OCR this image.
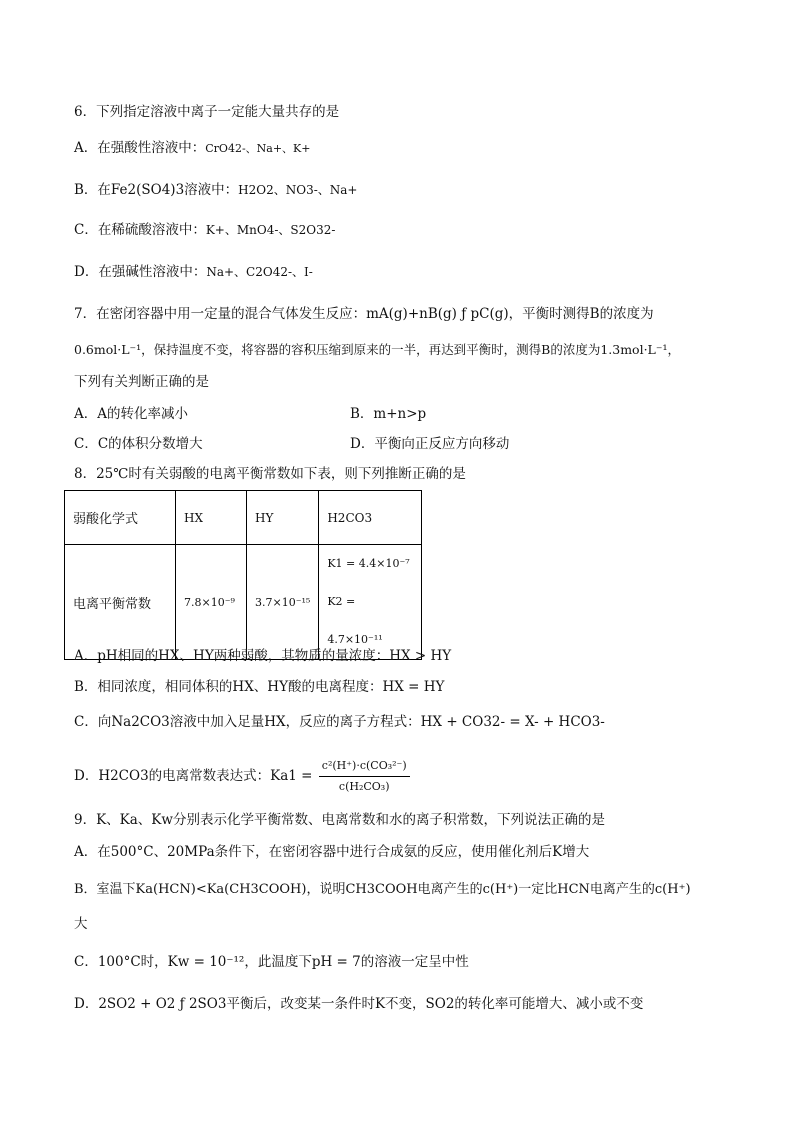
6．下列指定溶液中离子一定能大量共存的是
A．在强酸性溶液中：CrO42-、Na+、K+
B．在Fe2(SO4)3溶液中：H2O2、NO3-、Na+
C．在稀硫酸溶液中：K+、MnO4-、S2O32-
D．在强碱性溶液中：Na+、C2O42-、I-
7．在密闭容器中用一定量的混合气体发生反应：mA(g)+nB(g) ƒ pC(g)，平衡时测得B的浓度为
0.6mol·L⁻¹，保持温度不变，将容器的容积压缩到原来的一半，再达到平衡时，测得B的浓度为1.3mol·L⁻¹，
下列有关判断正确的是
A．A的转化率减小	B．m+n>p
C．C的体积分数增大	D．平衡向正反应方向移动
8．25℃时有关弱酸的电离平衡常数如下表，则下列推断正确的是
弱酸化学式	HX	HY	H2CO3
电离平衡常数	7.8×10⁻⁹	3.7×10⁻¹⁵	K1 = 4.4×10⁻⁷
K2 = 4.7×10⁻¹¹
A．pH相同的HX、HY两种弱酸，其物质的量浓度：HX > HY
B．相同浓度，相同体积的HX、HY酸的电离程度：HX = HY
C．向Na2CO3溶液中加入足量HX，反应的离子方程式：HX + CO32- = X- + HCO3-
D．H2CO3的电离常数表达式：$Ka1 = \frac{\text{c²(H⁺)·c(CO₃²⁻)}}{\text{c(H₂CO₃)}}$
9．K、Ka、Kw分别表示化学平衡常数、电离常数和水的离子积常数，下列说法正确的是
A．在500°C、20MPa条件下，在密闭容器中进行合成氨的反应，使用催化剂后K增大
B．室温下Ka(HCN)<Ka(CH3COOH)，说明CH3COOH电离产生的c(H⁺)一定比HCN电离产生的c(H⁺)
大
C．100°C时，Kw = 10⁻¹²，此温度下pH = 7的溶液一定呈中性
D．2SO2 + O2 ƒ 2SO3平衡后，改变某一条件时K不变，SO2的转化率可能增大、减小或不变
